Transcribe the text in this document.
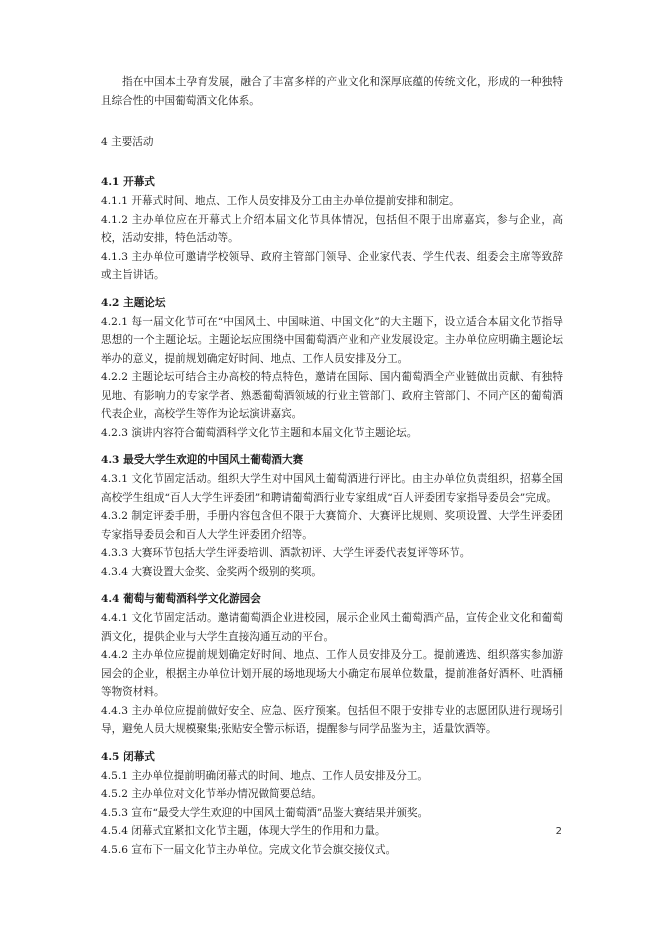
指在中国本土孕育发展，融合了丰富多样的产业文化和深厚底蕴的传统文化，形成的一种独特且综合性的中国葡萄酒文化体系。

4 主要活动

4.1 开幕式

4.1.1 开幕式时间、地点、工作人员安排及分工由主办单位提前安排和制定。

4.1.2 主办单位应在开幕式上介绍本届文化节具体情况，包括但不限于出席嘉宾，参与企业，高校，活动安排，特色活动等。

4.1.3 主办单位可邀请学校领导、政府主管部门领导、企业家代表、学生代表、组委会主席等致辞或主旨讲话。

4.2 主题论坛

4.2.1 每一届文化节可在“中国风土、中国味道、中国文化”的大主题下，设立适合本届文化节指导思想的一个主题论坛。主题论坛应围绕中国葡萄酒产业和产业发展设定。主办单位应明确主题论坛举办的意义，提前规划确定好时间、地点、工作人员安排及分工。

4.2.2 主题论坛可结合主办高校的特点特色，邀请在国际、国内葡萄酒全产业链做出贡献、有独特见地、有影响力的专家学者、熟悉葡萄酒领域的行业主管部门、政府主管部门、不同产区的葡萄酒代表企业，高校学生等作为论坛演讲嘉宾。

4.2.3 演讲内容符合葡萄酒科学文化节主题和本届文化节主题论坛。

4.3 最受大学生欢迎的中国风土葡萄酒大赛

4.3.1 文化节固定活动。组织大学生对中国风土葡萄酒进行评比。由主办单位负责组织，招募全国高校学生组成“百人大学生评委团”和聘请葡萄酒行业专家组成“百人评委团专家指导委员会”完成。

4.3.2 制定评委手册，手册内容包含但不限于大赛简介、大赛评比规则、奖项设置、大学生评委团专家指导委员会和百人大学生评委团介绍等。

4.3.3 大赛环节包括大学生评委培训、酒款初评、大学生评委代表复评等环节。

4.3.4 大赛设置大金奖、金奖两个级别的奖项。

4.4 葡萄与葡萄酒科学文化游园会

4.4.1 文化节固定活动。邀请葡萄酒企业进校园，展示企业风土葡萄酒产品，宣传企业文化和葡萄酒文化，提供企业与大学生直接沟通互动的平台。

4.4.2 主办单位应提前规划确定好时间、地点、工作人员安排及分工。提前遴选、组织落实参加游园会的企业，根据主办单位计划开展的场地现场大小确定布展单位数量，提前准备好酒杯、吐酒桶等物资材料。

4.4.3 主办单位应提前做好安全、应急、医疗预案。包括但不限于安排专业的志愿团队进行现场引导，避免人员大规模聚集;张贴安全警示标语，提醒参与同学品鉴为主，适量饮酒等。

4.5 闭幕式

4.5.1 主办单位提前明确闭幕式的时间、地点、工作人员安排及分工。

4.5.2 主办单位对文化节举办情况做简要总结。

4.5.3 宣布“最受大学生欢迎的中国风土葡萄酒”品鉴大赛结果并颁奖。

4.5.4 闭幕式宜紧扣文化节主题，体现大学生的作用和力量。

4.5.6 宣布下一届文化节主办单位。完成文化节会旗交接仪式。

2
